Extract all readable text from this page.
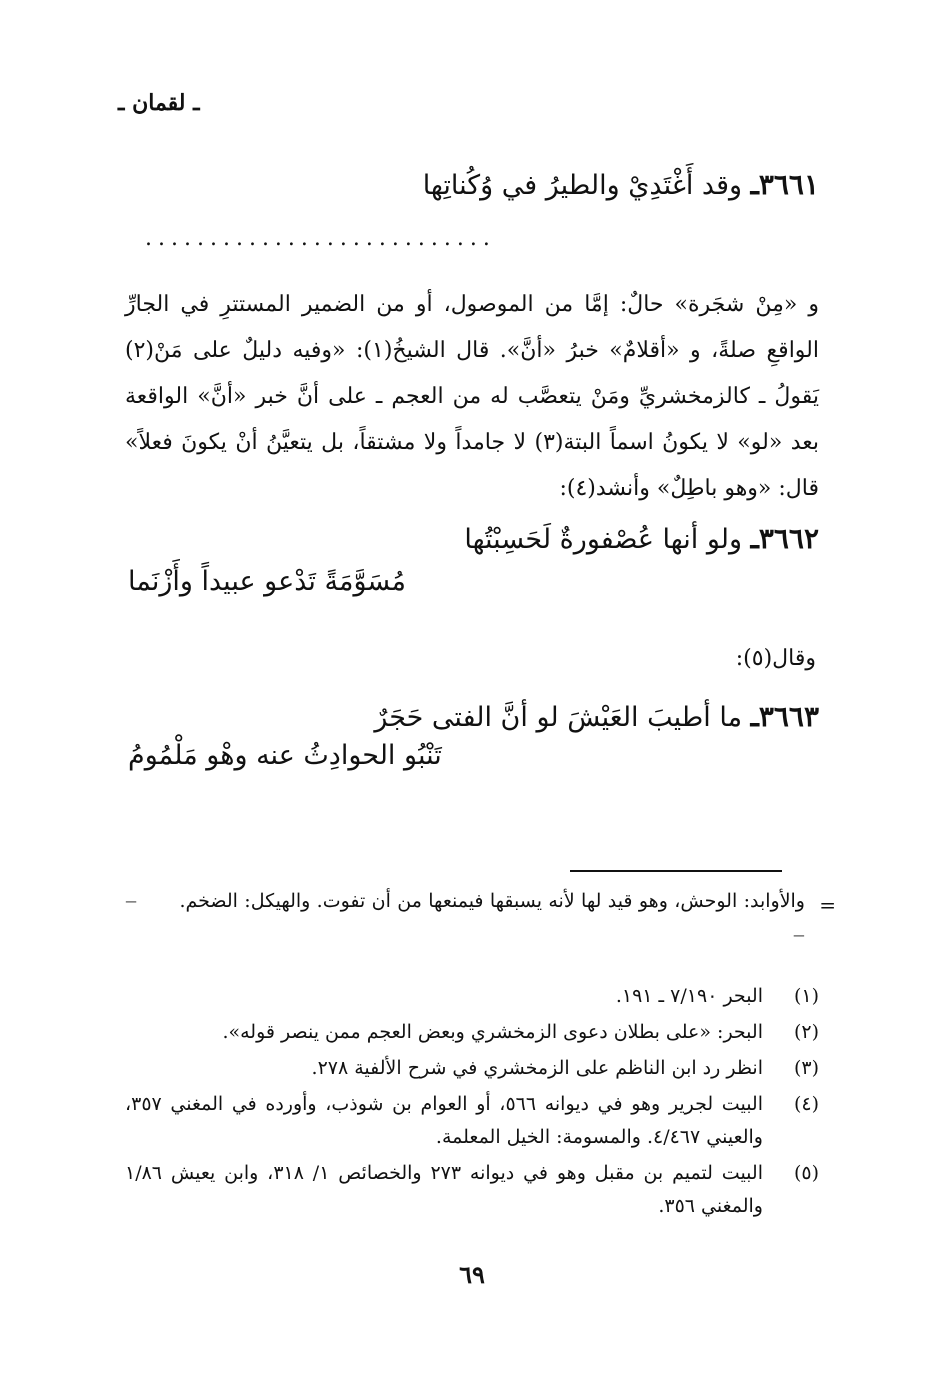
ـ لقمان ـ
٣٦٦١ـ وقد أَغْتَدِيْ والطيرُ في وُكُناتِها
...........................

و «مِنْ شجَرة» حالٌ: إمَّا من الموصول، أو من الضمير المستترِ في الجارِّ الواقعِ صلةً، و «أقلامٌ» خبرُ «أنَّ». قال الشيخُ(١): «وفيه دليلٌ على مَنْ(٢) يَقولُ ـ كالزمخشريِّ ومَنْ يتعصَّب له من العجم ـ على أنَّ خبر «أنَّ» الواقعة بعد «لو» لا يكونُ اسماً البتة(٣) لا جامداً ولا مشتقاً، بل يتعيَّنُ أنْ يكونَ فعلاً» قال: «وهو باطِلٌ» وأنشد(٤):

٣٦٦٢ـ ولو أنها عُصْفورةٌ لَحَسِبْتُها
مُسَوَّمَةً تَدْعو عبيداً وأَزْنَما
وقال(٥):
٣٦٦٣ـ ما أطيبَ العَيْشَ لو أنَّ الفتى حَجَرٌ
تَنْبُو الحوادِثُ عنه وهْو مَلْمُومُ
=
والأوابد: الوحش، وهو قيد لها لأنه يسبقها فيمنعها من أن تفوت. والهيكل: الضخم. ‒ ‒
(١)
البحر ٧/١٩٠ ـ ١٩١.
(٢)
البحر: «على بطلان دعوى الزمخشري وبعض العجم ممن ينصر قوله».
(٣)
انظر رد ابن الناظم على الزمخشري في شرح الألفية ٢٧٨.
(٤)
البيت لجرير وهو في ديوانه ٥٦٦، أو العوام بن شوذب، وأورده في المغني ٣٥٧، والعيني ٤/٤٦٧. والمسومة: الخيل المعلمة.
(٥)
البيت لتميم بن مقبل وهو في ديوانه ٢٧٣ والخصائص ١/ ٣١٨، وابن يعيش ١/٨٦ والمغني ٣٥٦.
٦٩
